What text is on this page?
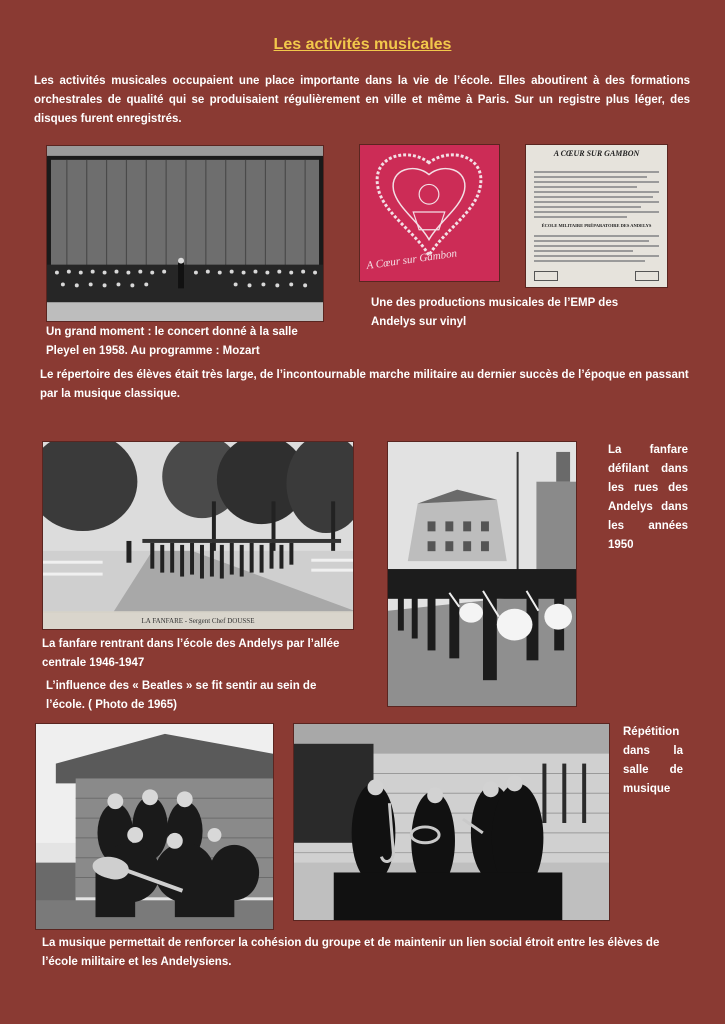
Les activités musicales
Les activités musicales occupaient une place importante dans la vie de l’école. Elles aboutirent à des formations orchestrales de qualité qui se produisaient régulièrement en ville et même à Paris. Sur un registre plus léger, des disques furent enregistrés.
Un grand moment : le concert donné à la salle Pleyel en 1958. Au programme : Mozart
A Cœur sur Gambon
A CŒUR SUR GAMBON
ÉCOLE MILITAIRE PRÉPARATOIRE DES ANDELYS
Une des productions musicales de l’EMP des Andelys sur vinyl
Le répertoire des élèves était très large, de l’incontournable marche militaire au dernier succès de l’époque en passant par la musique classique.
LA FANFARE - Sergent Chef DOUSSE
La fanfare rentrant dans l’école des Andelys par l’allée centrale 1946-1947
L’influence des « Beatles » se fit sentir au sein de l’école. ( Photo de 1965)
La fanfare défilant dans les rues des Andelys dans les années 1950
Répétition dans la salle de musique
La musique permettait de renforcer la cohésion du groupe et de maintenir un lien social étroit entre les élèves de l’école militaire et les Andelysiens.
